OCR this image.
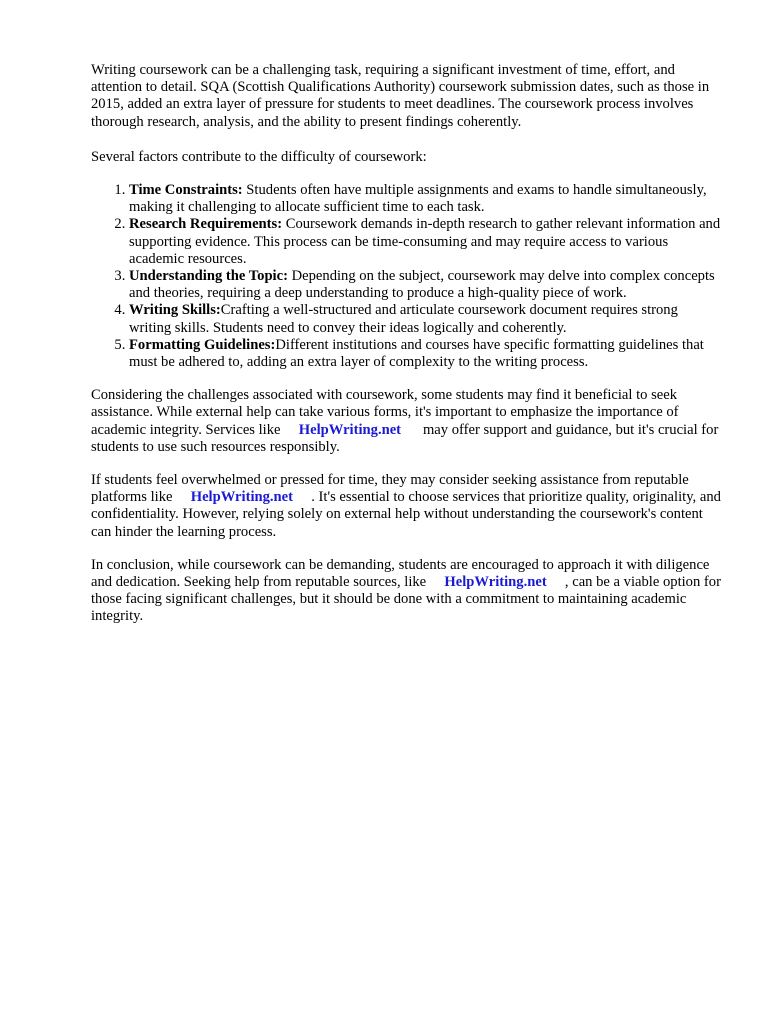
Writing coursework can be a challenging task, requiring a significant investment of time, effort, and attention to detail. SQA (Scottish Qualifications Authority) coursework submission dates, such as those in 2015, added an extra layer of pressure for students to meet deadlines. The coursework process involves thorough research, analysis, and the ability to present findings coherently.

Several factors contribute to the difficulty of coursework:

1. Time Constraints: Students often have multiple assignments and exams to handle simultaneously, making it challenging to allocate sufficient time to each task.
2. Research Requirements: Coursework demands in-depth research to gather relevant information and supporting evidence. This process can be time-consuming and may require access to various academic resources.
3. Understanding the Topic: Depending on the subject, coursework may delve into complex concepts and theories, requiring a deep understanding to produce a high-quality piece of work.
4. Writing Skills:Crafting a well-structured and articulate coursework document requires strong writing skills. Students need to convey their ideas logically and coherently.
5. Formatting Guidelines:Different institutions and courses have specific formatting guidelines that must be adhered to, adding an extra layer of complexity to the writing process.

Considering the challenges associated with coursework, some students may find it beneficial to seek assistance. While external help can take various forms, it's important to emphasize the importance of academic integrity. Services like     HelpWriting.net      may offer support and guidance, but it's crucial for students to use such resources responsibly.

If students feel overwhelmed or pressed for time, they may consider seeking assistance from reputable platforms like     HelpWriting.net     . It's essential to choose services that prioritize quality, originality, and confidentiality. However, relying solely on external help without understanding the coursework's content can hinder the learning process.

In conclusion, while coursework can be demanding, students are encouraged to approach it with diligence and dedication. Seeking help from reputable sources, like     HelpWriting.net     , can be a viable option for those facing significant challenges, but it should be done with a commitment to maintaining academic integrity.
